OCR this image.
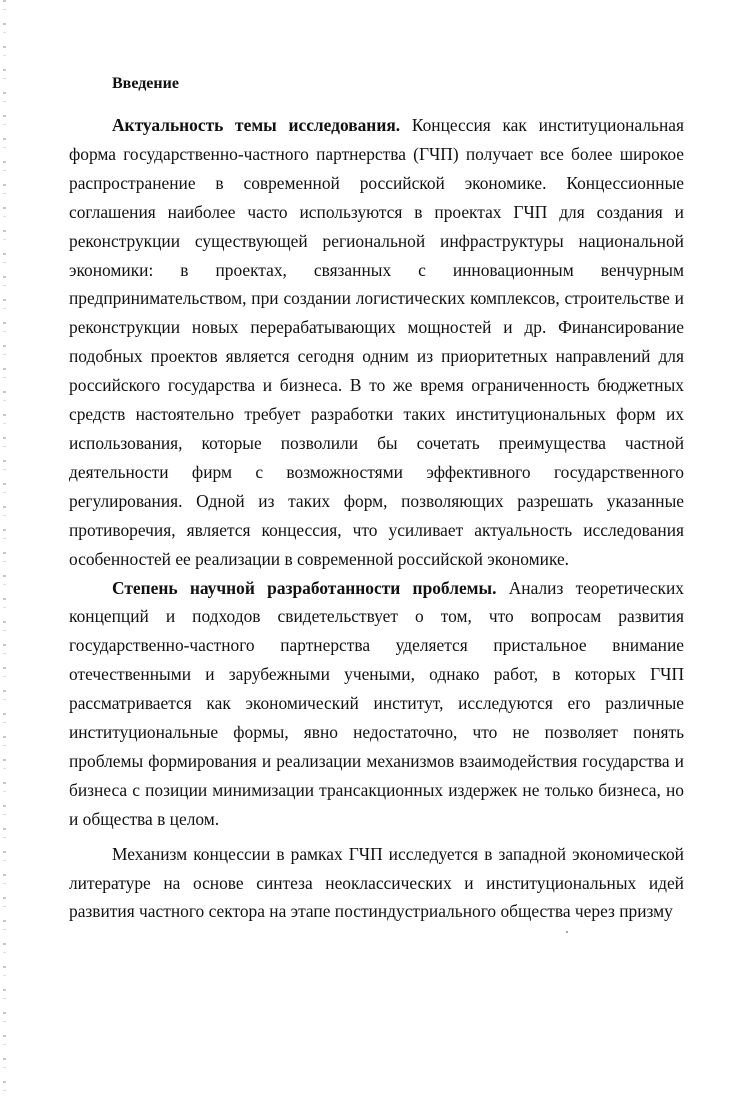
Введение

Актуальность темы исследования. Концессия как институциональная форма государственно-частного партнерства (ГЧП) получает все более широкое распространение в современной российской экономике. Концессионные соглашения наиболее часто используются в проектах ГЧП для создания и реконструкции существующей региональной инфраструктуры национальной экономики: в проектах, связанных с инновационным венчурным предпринимательством, при создании логистических комплексов, строительстве и реконструкции новых перерабатывающих мощностей и др. Финансирование подобных проектов является сегодня одним из приоритетных направлений для российского государства и бизнеса. В то же время ограниченность бюджетных средств настоятельно требует разработки таких институциональных форм их использования, которые позволили бы сочетать преимущества частной деятельности фирм с возможностями эффективного государственного регулирования. Одной из таких форм, позволяющих разрешать указанные противоречия, является концессия, что усиливает актуальность исследования особенностей ее реализации в современной российской экономике.

Степень научной разработанности проблемы. Анализ теоретических концепций и подходов свидетельствует о том, что вопросам развития государственно-частного партнерства уделяется пристальное внимание отечественными и зарубежными учеными, однако работ, в которых ГЧП рассматривается как экономический институт, исследуются его различные институциональные формы, явно недостаточно, что не позволяет понять проблемы формирования и реализации механизмов взаимодействия государства и бизнеса с позиции минимизации трансакционных издержек не только бизнеса, но и общества в целом.

Механизм концессии в рамках ГЧП исследуется в западной экономической литературе на основе синтеза неоклассических и институциональных идей развития частного сектора на этапе постиндустриального общества через призму
